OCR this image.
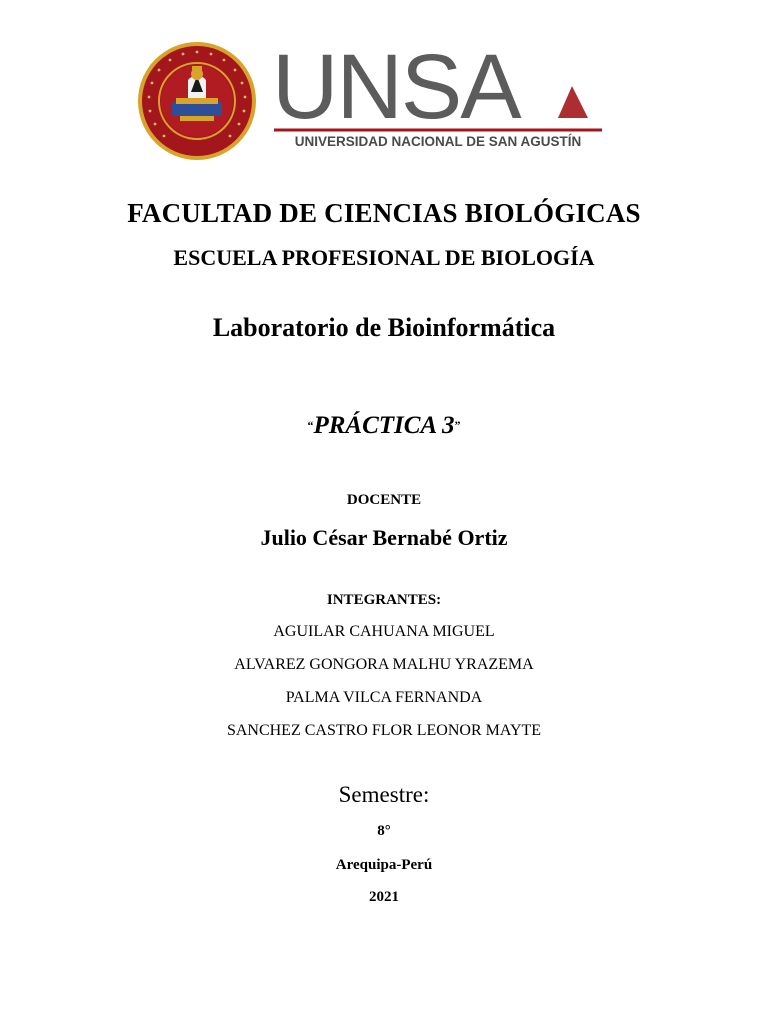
· · · · · ·
UNSA
UNIVERSIDAD NACIONAL DE SAN AGUSTÍN
FACULTAD DE CIENCIAS BIOLÓGICAS
ESCUELA PROFESIONAL DE BIOLOGÍA
Laboratorio de Bioinformática
“PRÁCTICA 3”
DOCENTE
Julio César Bernabé Ortiz
INTEGRANTES:
AGUILAR CAHUANA MIGUEL
ALVAREZ GONGORA MALHU YRAZEMA
PALMA VILCA FERNANDA
SANCHEZ CASTRO FLOR LEONOR MAYTE
Semestre:
8°
Arequipa-Perú
2021
